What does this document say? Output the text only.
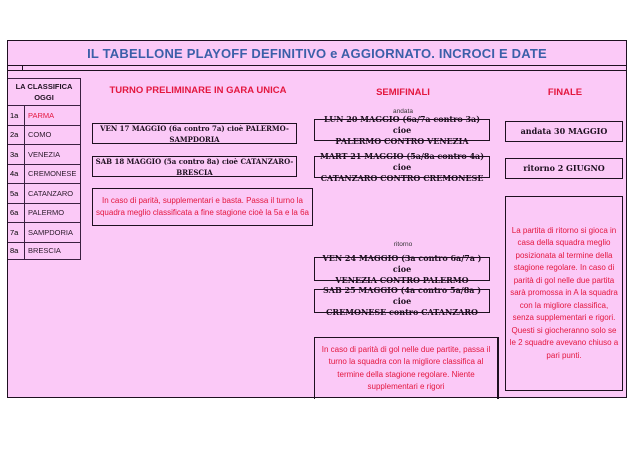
IL TABELLONE PLAYOFF DEFINITIVO e AGGIORNATO. INCROCI E DATE
LA CLASSIFICA
OGGI
1a	PARMA
2a	COMO
3a	VENEZIA
4a	CREMONESE
5a	CATANZARO
6a	PALERMO
7a	SAMPDORIA
8a	BRESCIA
TURNO PRELIMINARE IN GARA UNICA
VEN 17 MAGGIO (6a contro 7a) cioè PALERMO-SAMPDORIA
SAB 18 MAGGIO (5a contro 8a) cioè CATANZARO-BRESCIA
In caso di parità, supplementari e basta. Passa il turno la squadra meglio classificata a fine stagione cioè la 5a e la 6a
SEMIFINALI
andata
LUN 20 MAGGIO (6a/7a contro 3a) cioe
PALERMO CONTRO VENEZIA
MART 21 MAGGIO (5a/8a contro 4a) cioe
CATANZARO CONTRO CREMONESE
ritorno
VEN 24 MAGGIO (3a contro 6a/7a ) cioe
VENEZIA CONTRO PALERMO
SAB 25 MAGGIO (4a contro 5a/8a ) cioe
CREMONESE contro CATANZARO
In caso di parità di gol nelle due partite, passa il turno la squadra con la migliore classifica al termine della stagione regolare. Niente supplementari e rigori
FINALE
andata 30 MAGGIO
ritorno 2 GIUGNO
La partita di ritorno si gioca in casa della squadra meglio posizionata al termine della stagione regolare. In caso di parità di gol nelle due partita sarà promossa in A la squadra con la migliore classifica, senza supplementari e rigori. Questi si giocheranno solo se le 2 squadre avevano chiuso a pari punti.
